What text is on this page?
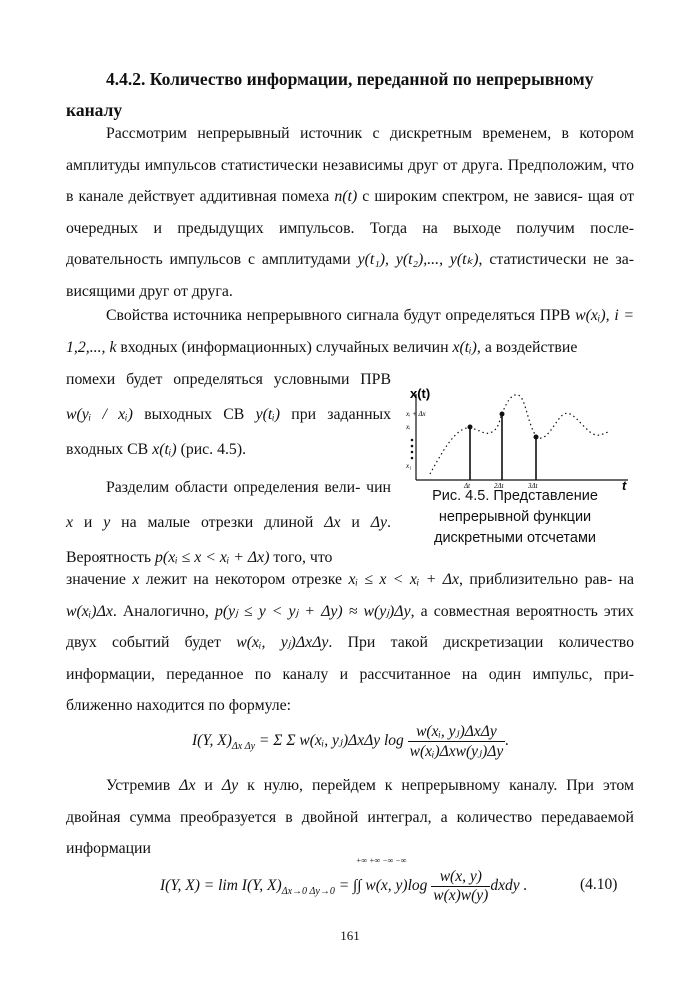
4.4.2. Количество информации, переданной по непрерывному
каналу
Рассмотрим непрерывный источник с дискретным временем, в котором амплитуды импульсов статистически независимы друг от друга. Предположим, что в канале действует аддитивная помеха n(t) с широким спектром, не завися- щая от очередных и предыдущих импульсов. Тогда на выходе получим после- довательность импульсов с амплитудами y(t₁), y(t₂),..., y(tₖ), статистически не за- висящими друг от друга.
Свойства источника непрерывного сигнала будут определяться ПРВ w(xᵢ), i = 1,2,..., k входных (информационных) случайных величин x(tᵢ), а воздействие
помехи будет определяться условными ПРВ w(yᵢ / xᵢ) выходных СВ y(tᵢ) при заданных входных СВ x(tᵢ) (рис. 4.5).
Разделим области определения вели- чин x и y на малые отрезки длиной Δx и Δy. Вероятность p(xᵢ ≤ x < xᵢ + Δx) того, что
x(t)
t
xᵢ + Δx
xᵢ
x₁
Δt	2Δt	3Δt
Рис. 4.5. Представление непрерывной функции дискретными отсчетами
значение x лежит на некотором отрезке xᵢ ≤ x < xᵢ + Δx, приблизительно рав- на w(xᵢ)Δx. Аналогично, p(yⱼ ≤ y < yⱼ + Δy) ≈ w(yⱼ)Δy, а совместная вероятность этих двух событий будет w(xᵢ, yⱼ)ΔxΔy. При такой дискретизации количество информации, переданное по каналу и рассчитанное на один импульс, при- ближенно находится по формуле:
I(Y, $X)_{\Delta x \Delta y} = \Sigma$ Σ w(xᵢ, yⱼ)ΔxΔy $\log \frac{\text{w(xᵢ, yⱼ)ΔxΔy}}{\text{w(xᵢ)Δxw(yⱼ)Δy}}$ .
Устремив Δx и Δy к нулю, перейдем к непрерывному каналу. При этом двойная сумма преобразуется в двойной интеграл, а количество передаваемой информации
I(Y, X) = lim I(Y, $X)_{\Delta x\to 0 \Delta y\to 0}$ = ∫∫ w(x, $y)\log \frac{w(x, y)}{w(x)w(y)}$ dxdy .
+∞ +∞ −∞ −∞
(4.10)
161
